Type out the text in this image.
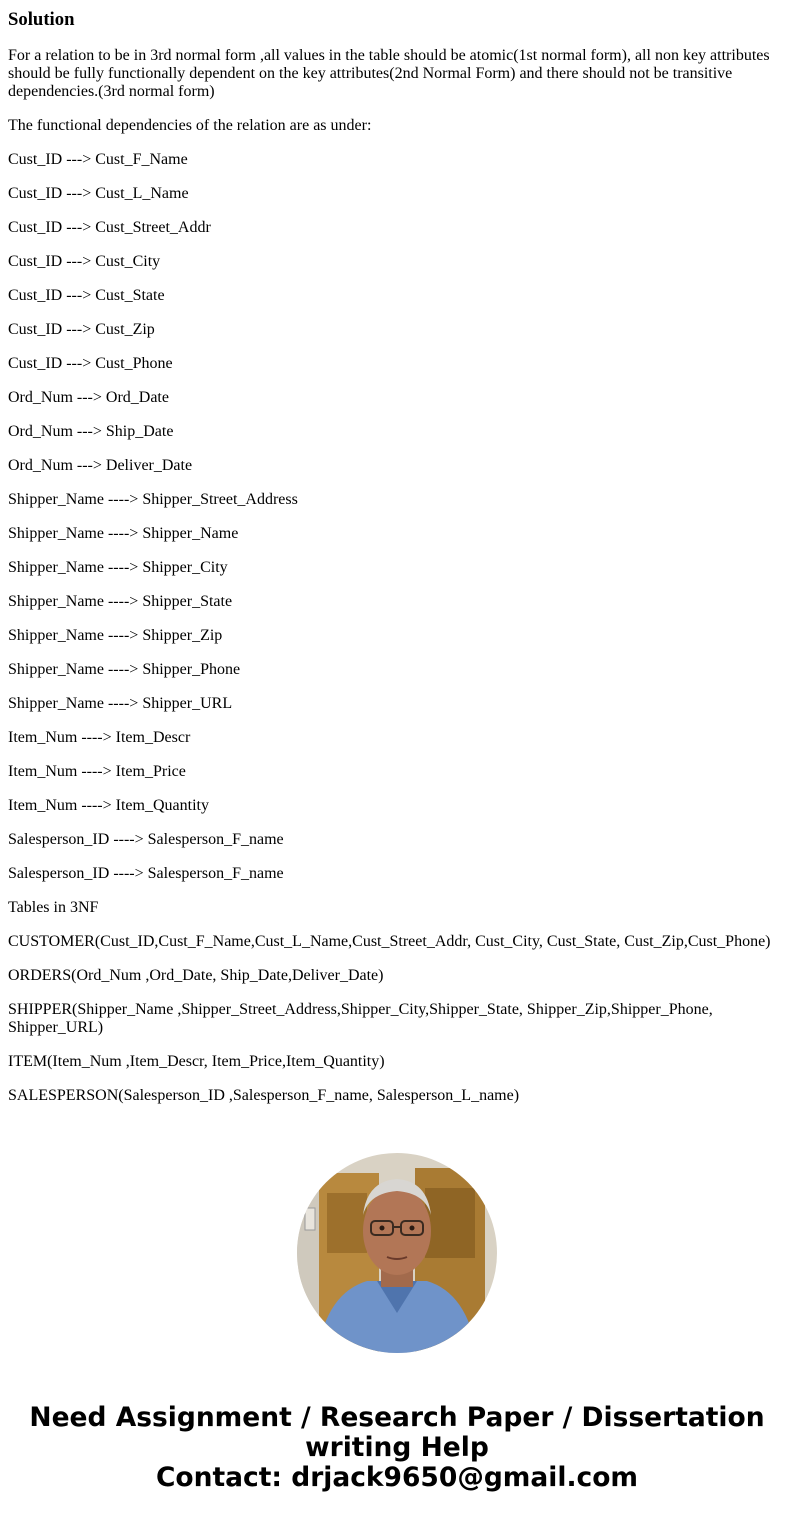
Solution

For a relation to be in 3rd normal form ,all values in the table should be atomic(1st normal form), all non key attributes should be fully functionally dependent on the key attributes(2nd Normal Form) and there should not be transitive dependencies.(3rd normal form)

The functional dependencies of the relation are as under:

Cust_ID ---> Cust_F_Name

Cust_ID ---> Cust_L_Name

Cust_ID ---> Cust_Street_Addr

Cust_ID ---> Cust_City

Cust_ID ---> Cust_State

Cust_ID ---> Cust_Zip

Cust_ID ---> Cust_Phone

Ord_Num ---> Ord_Date

Ord_Num ---> Ship_Date

Ord_Num ---> Deliver_Date

Shipper_Name ----> Shipper_Street_Address

Shipper_Name ----> Shipper_Name

Shipper_Name ----> Shipper_City

Shipper_Name ----> Shipper_State

Shipper_Name ----> Shipper_Zip

Shipper_Name ----> Shipper_Phone

Shipper_Name ----> Shipper_URL

Item_Num ----> Item_Descr

Item_Num ----> Item_Price

Item_Num ----> Item_Quantity

Salesperson_ID ----> Salesperson_F_name

Salesperson_ID ----> Salesperson_F_name

Tables in 3NF

CUSTOMER(Cust_ID,Cust_F_Name,Cust_L_Name,Cust_Street_Addr, Cust_City, Cust_State, Cust_Zip,Cust_Phone)

ORDERS(Ord_Num ,Ord_Date, Ship_Date,Deliver_Date)

SHIPPER(Shipper_Name ,Shipper_Street_Address,Shipper_City,Shipper_State, Shipper_Zip,Shipper_Phone, Shipper_URL)

ITEM(Item_Num ,Item_Descr, Item_Price,Item_Quantity)

SALESPERSON(Salesperson_ID ,Salesperson_F_name, Salesperson_L_name)

Need Assignment / Research Paper / Dissertation
writing Help
Contact: drjack9650@gmail.com
